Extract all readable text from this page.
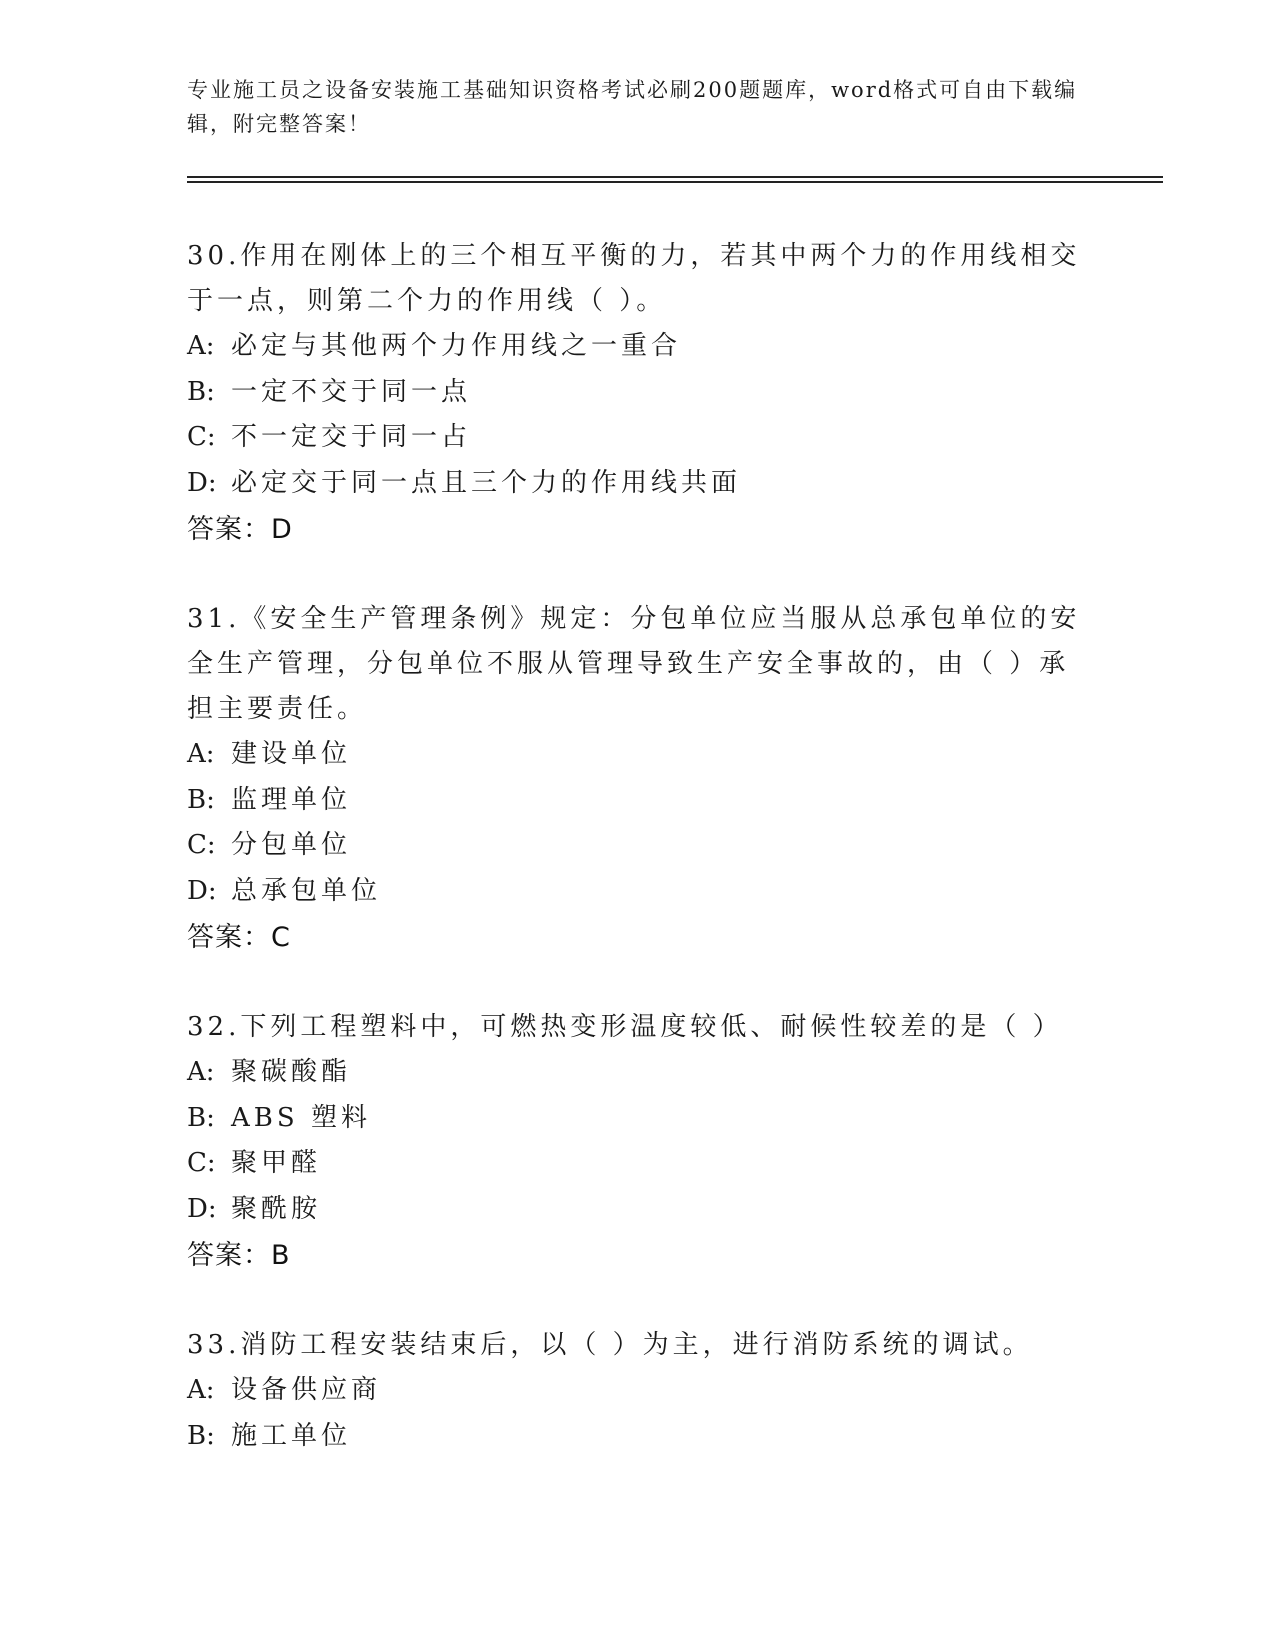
专业施工员之设备安装施工基础知识资格考试必刷200题题库，word格式可自由下载编辑，附完整答案！
30.作用在刚体上的三个相互平衡的力，若其中两个力的作用线相交于一点，则第二个力的作用线（ ）。
A: 必定与其他两个力作用线之一重合
B: 一定不交于同一点
C: 不一定交于同一占
D: 必定交于同一点且三个力的作用线共面
答案：D
31.《安全生产管理条例》规定：分包单位应当服从总承包单位的安全生产管理，分包单位不服从管理导致生产安全事故的，由（ ）承担主要责任。
A: 建设单位
B: 监理单位
C: 分包单位
D: 总承包单位
答案：C
32.下列工程塑料中，可燃热变形温度较低、耐候性较差的是（ ）
A: 聚碳酸酯
B: ABS 塑料
C: 聚甲醛
D: 聚酰胺
答案：B
33.消防工程安装结束后，以（ ）为主，进行消防系统的调试。
A: 设备供应商
B: 施工单位
